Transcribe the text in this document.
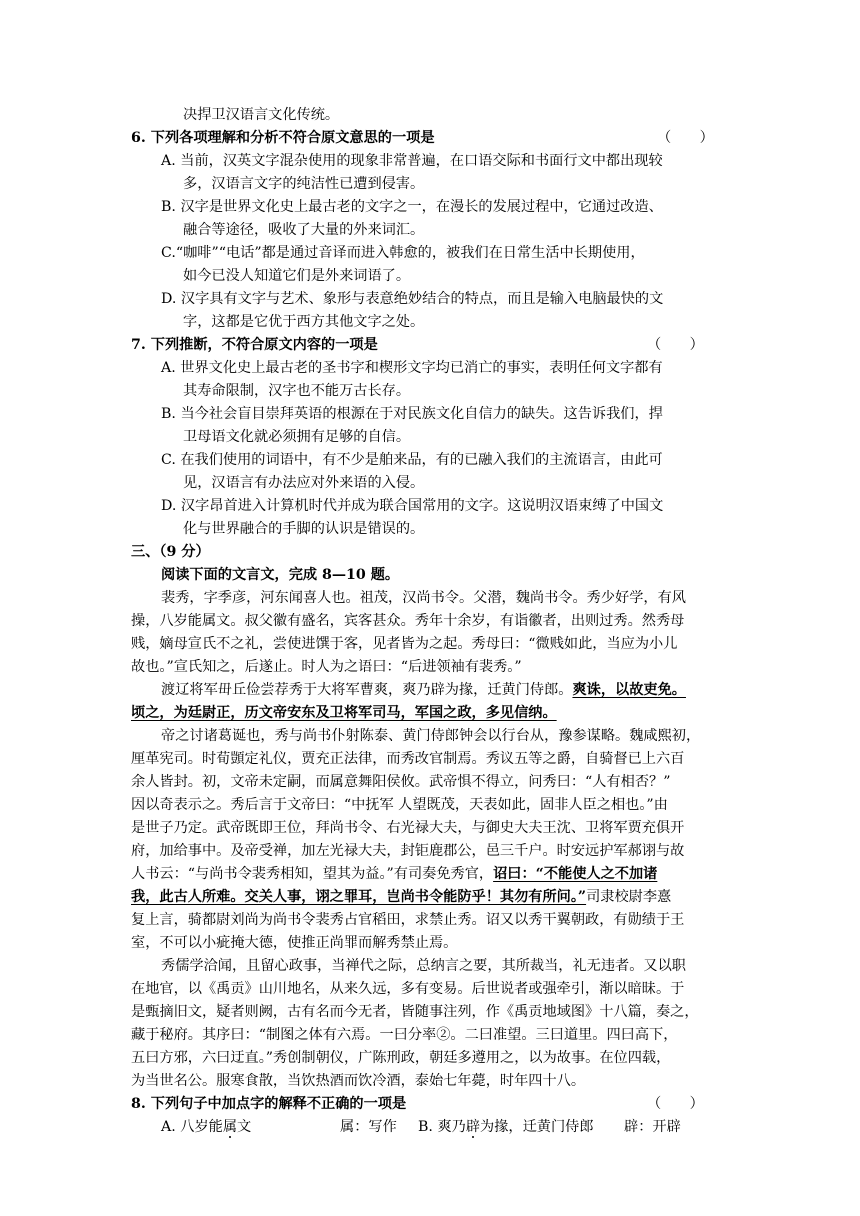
决捍卫汉语言文化传统。
6. 下列各项理解和分析不符合原文意思的一项是	（　　）
A. 当前，汉英文字混杂使用的现象非常普遍，在口语交际和书面行文中都出现较
多，汉语言文字的纯洁性已遭到侵害。
B. 汉字是世界文化史上最古老的文字之一，在漫长的发展过程中，它通过改造、
融合等途径，吸收了大量的外来词汇。
C.“咖啡”“电话”都是通过音译而进入韩愈的，被我们在日常生活中长期使用，
如今已没人知道它们是外来词语了。
D. 汉字具有文字与艺术、象形与表意绝妙结合的特点，而且是输入电脑最快的文
字，这都是它优于西方其他文字之处。
7. 下列推断，不符合原文内容的一项是	（　　）
A. 世界文化史上最古老的圣书字和楔形文字均已消亡的事实，表明任何文字都有
其寿命限制，汉字也不能万古长存。
B. 当今社会盲目崇拜英语的根源在于对民族文化自信力的缺失。这告诉我们，捍
卫母语文化就必须拥有足够的自信。
C. 在我们使用的词语中，有不少是舶来品，有的已融入我们的主流语言，由此可
见，汉语言有办法应对外来语的入侵。
D. 汉字昂首进入计算机时代并成为联合国常用的文字。这说明汉语束缚了中国文
化与世界融合的手脚的认识是错误的。
三、（9 分）
阅读下面的文言文，完成 8—10 题。
裴秀，字季彦，河东闻喜人也。祖茂，汉尚书令。父潜，魏尚书令。秀少好学，有风
操，八岁能属文。叔父徽有盛名，宾客甚众。秀年十余岁，有诣徽者，出则过秀。然秀母
贱，嫡母宣氏不之礼，尝使进馔于客，见者皆为之起。秀母曰：“微贱如此，当应为小儿
故也。”宣氏知之，后遂止。时人为之语曰：“后进领袖有裴秀。”
渡辽将军毌丘俭尝荐秀于大将军曹爽，爽乃辟为掾，迁黄门侍郎。爽诛，以故吏免。
顷之，为廷尉正，历文帝安东及卫将军司马，军国之政，多见信纳。
帝之讨诸葛诞也，秀与尚书仆射陈泰、黄门侍郎钟会以行台从，豫参谋略。魏咸熙初，
厘革宪司。时荀顗定礼仪，贾充正法律，而秀改官制焉。秀议五等之爵，自骑督已上六百
余人皆封。初，文帝未定嗣，而属意舞阳侯攸。武帝惧不得立，问秀曰：“人有相否？”
因以奇表示之。秀后言于文帝曰：“中抚军 人望既茂，天表如此，固非人臣之相也。”由
是世子乃定。武帝既即王位，拜尚书令、右光禄大夫，与御史大夫王沈、卫将军贾充俱开
府，加给事中。及帝受禅，加左光禄大夫，封钜鹿郡公，邑三千户。时安远护军郝诩与故
人书云：“与尚书令裴秀相知，望其为益。”有司奏免秀官，诏曰：“不能使人之不加诸
我，此古人所难。交关人事，诩之罪耳，岂尚书令能防乎！其勿有所问。”司隶校尉李憙
复上言，骑都尉刘尚为尚书令裴秀占官稻田，求禁止秀。诏又以秀干翼朝政，有勋绩于王
室，不可以小疵掩大德，使推正尚罪而解秀禁止焉。
秀儒学洽闻，且留心政事，当禅代之际，总纳言之要，其所裁当，礼无违者。又以职
在地官，以《禹贡》山川地名，从来久远，多有变易。后世说者或强牵引，渐以暗昧。于
是甄摘旧文，疑者则阙，古有名而今无者，皆随事注列，作《禹贡地域图》十八篇，奏之，
藏于秘府。其序曰：“制图之体有六焉。一曰分率②。二曰准望。三曰道里。四曰高下，
五曰方邪，六曰迂直。”秀创制朝仪，广陈刑政，朝廷多遵用之，以为故事。在位四载，
为当世名公。服寒食散，当饮热酒而饮冷酒，泰始七年薨，时年四十八。
8. 下列句子中加点字的解释不正确的一项是	（　　）
A. 八岁能属文	属：写作 B. 爽乃辟为掾，迁黄门侍郎 辟：开辟
